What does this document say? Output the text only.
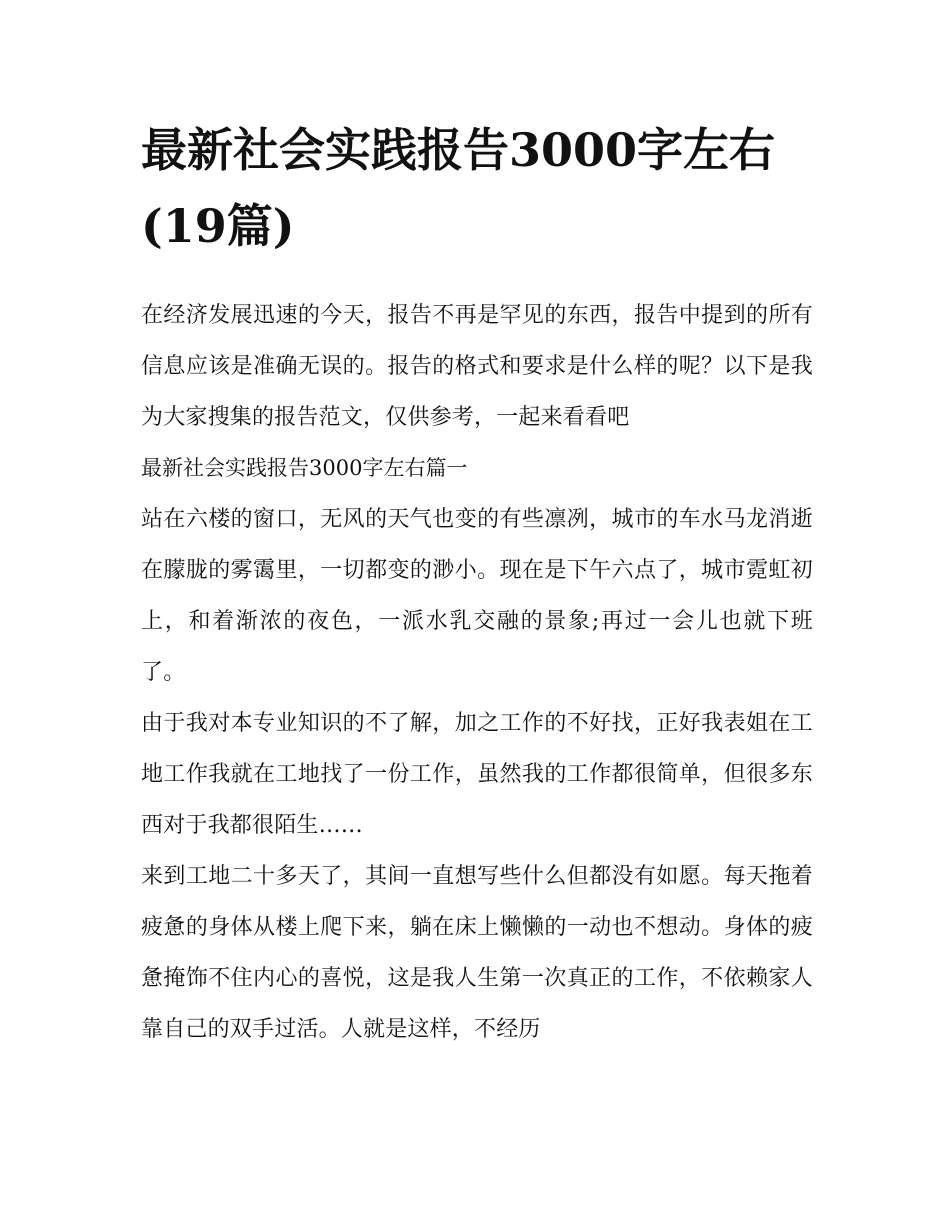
最新社会实践报告3000字左右(19篇)

在经济发展迅速的今天，报告不再是罕见的东西，报告中提到的所有信息应该是准确无误的。报告的格式和要求是什么样的呢？以下是我为大家搜集的报告范文，仅供参考，一起来看看吧

最新社会实践报告3000字左右篇一

站在六楼的窗口，无风的天气也变的有些凛冽，城市的车水马龙消逝在朦胧的雾霭里，一切都变的渺小。现在是下午六点了，城市霓虹初上，和着渐浓的夜色，一派水乳交融的景象;再过一会儿也就下班了。

由于我对本专业知识的不了解，加之工作的不好找，正好我表姐在工地工作我就在工地找了一份工作，虽然我的工作都很简单，但很多东西对于我都很陌生……

来到工地二十多天了，其间一直想写些什么但都没有如愿。每天拖着疲惫的身体从楼上爬下来，躺在床上懒懒的一动也不想动。身体的疲惫掩饰不住内心的喜悦，这是我人生第一次真正的工作，不依赖家人靠自己的双手过活。人就是这样，不经历
